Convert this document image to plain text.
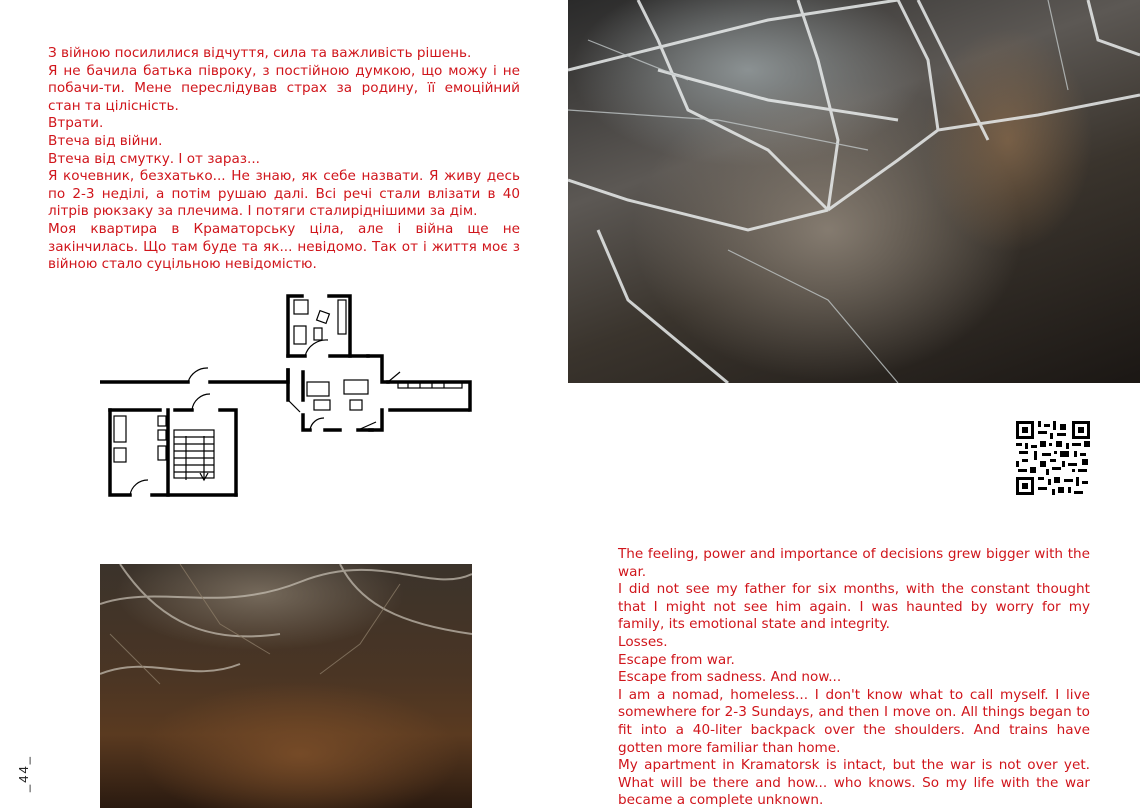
З війною посилилися відчуття, сила та важливість рішень.

Я не бачила батька півроку, з постійною думкою, що можу і не побачи-ти. Мене переслідував страх за родину, її емоційний стан та цілісність.

Втрати.

Втеча від війни.

Втеча від смутку. І от зараз...

Я кочевник, безхатько... Не знаю, як себе назвати. Я живу десь по 2-3 неділі, а потім рушаю далі. Всі речі стали влізати в 40 літрів рюкзаку за плечима. І потяги сталиріднішими за дім.

Моя квартира в Краматорську ціла, але і війна ще не закінчилась. Що там буде та як... невідомо. Так от і життя моє з війною стало суцільною невідомістю.

The feeling, power and importance of decisions grew bigger with the war.

I did not see my father for six months, with the constant thought that I might not see him again. I was haunted by worry for my family, its emotional state and integrity.

Losses.

Escape from war.

Escape from sadness. And now...

I am a nomad, homeless... I don't know what to call myself. I live somewhere for 2-3 Sundays, and then I move on. All things began to fit into a 40-liter backpack over the shoulders. And trains have gotten more familiar than home.

My apartment in Kramatorsk is intact, but the war is not over yet. What will be there and how... who knows. So my life with the war became a complete unknown.

_44_
